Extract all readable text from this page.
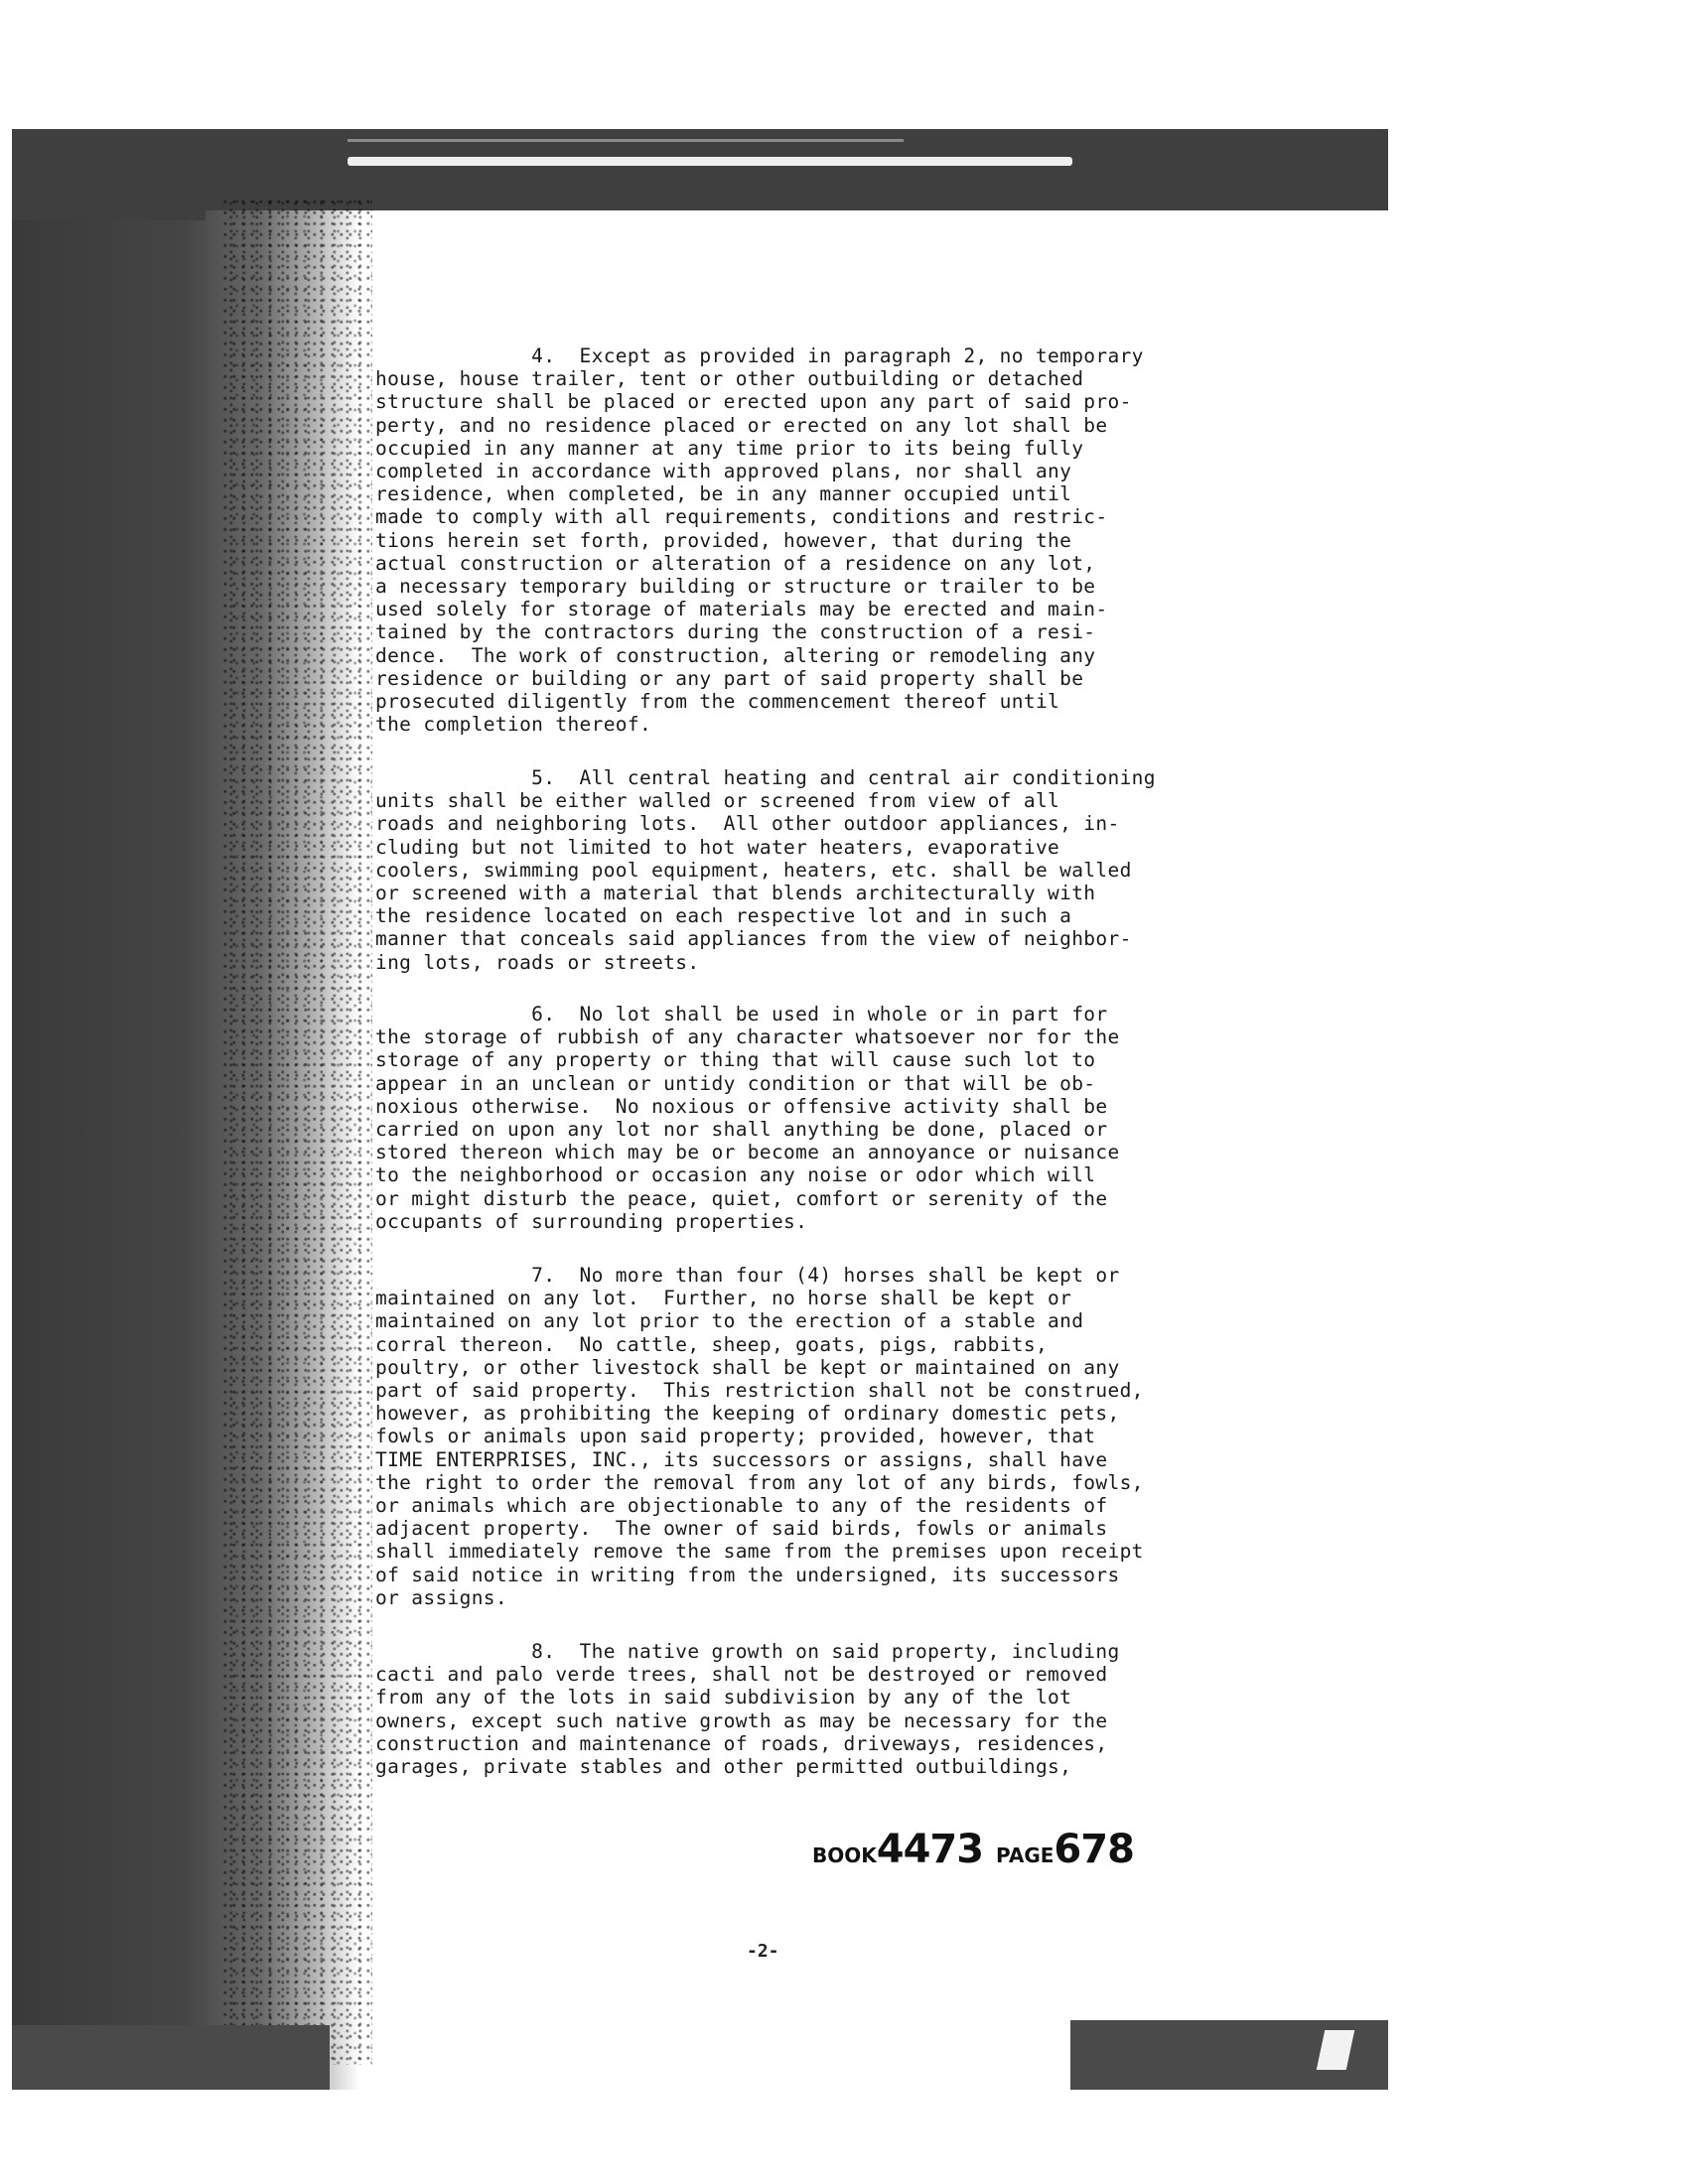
4.  Except as provided in paragraph 2, no temporary
house, house trailer, tent or other outbuilding or detached
structure shall be placed or erected upon any part of said pro-
perty, and no residence placed or erected on any lot shall be
occupied in any manner at any time prior to its being fully
completed in accordance with approved plans, nor shall any
residence, when completed, be in any manner occupied until
made to comply with all requirements, conditions and restric-
tions herein set forth, provided, however, that during the
actual construction or alteration of a residence on any lot,
a necessary temporary building or structure or trailer to be
used solely for storage of materials may be erected and main-
tained by the contractors during the construction of a resi-
dence.  The work of construction, altering or remodeling any
residence or building or any part of said property shall be
prosecuted diligently from the commencement thereof until
the completion thereof.
5.  All central heating and central air conditioning
units shall be either walled or screened from view of all
roads and neighboring lots.  All other outdoor appliances, in-
cluding but not limited to hot water heaters, evaporative
coolers, swimming pool equipment, heaters, etc. shall be walled
or screened with a material that blends architecturally with
the residence located on each respective lot and in such a
manner that conceals said appliances from the view of neighbor-
ing lots, roads or streets.
6.  No lot shall be used in whole or in part for
the storage of rubbish of any character whatsoever nor for the
storage of any property or thing that will cause such lot to
appear in an unclean or untidy condition or that will be ob-
noxious otherwise.  No noxious or offensive activity shall be
carried on upon any lot nor shall anything be done, placed or
stored thereon which may be or become an annoyance or nuisance
to the neighborhood or occasion any noise or odor which will
or might disturb the peace, quiet, comfort or serenity of the
occupants of surrounding properties.
7.  No more than four (4) horses shall be kept or
maintained on any lot.  Further, no horse shall be kept or
maintained on any lot prior to the erection of a stable and
corral thereon.  No cattle, sheep, goats, pigs, rabbits,
poultry, or other livestock shall be kept or maintained on any
part of said property.  This restriction shall not be construed,
however, as prohibiting the keeping of ordinary domestic pets,
fowls or animals upon said property; provided, however, that
TIME ENTERPRISES, INC., its successors or assigns, shall have
the right to order the removal from any lot of any birds, fowls,
or animals which are objectionable to any of the residents of
adjacent property.  The owner of said birds, fowls or animals
shall immediately remove the same from the premises upon receipt
of said notice in writing from the undersigned, its successors
or assigns.
8.  The native growth on said property, including
cacti and palo verde trees, shall not be destroyed or removed
from any of the lots in said subdivision by any of the lot
owners, except such native growth as may be necessary for the
construction and maintenance of roads, driveways, residences,
garages, private stables and other permitted outbuildings,
BOOK4473 PAGE678
-2-
